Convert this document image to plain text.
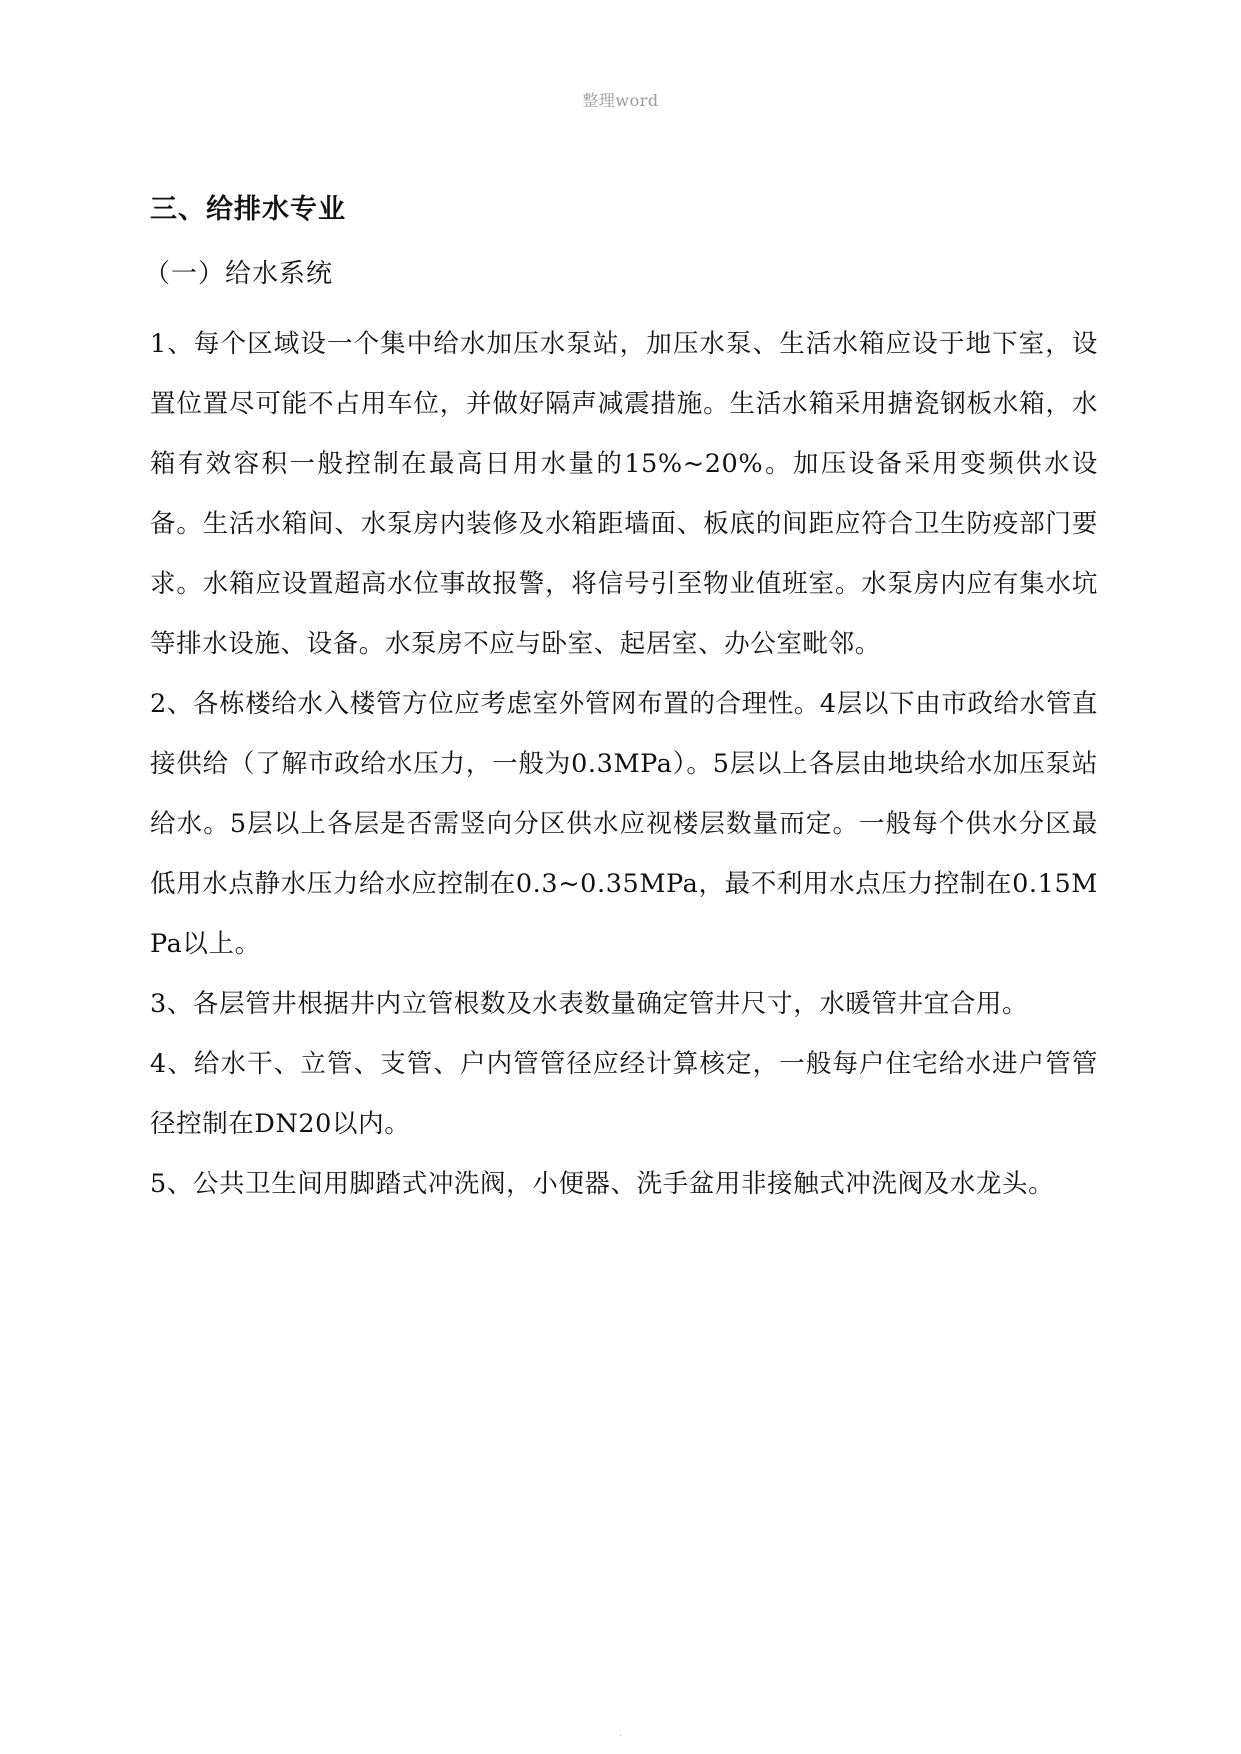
整理word
三、给排水专业
（一）给水系统

1、每个区域设一个集中给水加压水泵站，加压水泵、生活水箱应设于地下室，设置位置尽可能不占用车位，并做好隔声减震措施。生活水箱采用搪瓷钢板水箱，水箱有效容积一般控制在最高日用水量的15%~20%。加压设备采用变频供水设备。生活水箱间、水泵房内装修及水箱距墙面、板底的间距应符合卫生防疫部门要求。水箱应设置超高水位事故报警，将信号引至物业值班室。水泵房内应有集水坑等排水设施、设备。水泵房不应与卧室、起居室、办公室毗邻。

2、各栋楼给水入楼管方位应考虑室外管网布置的合理性。4层以下由市政给水管直接供给（了解市政给水压力，一般为0.3MPa）。5层以上各层由地块给水加压泵站给水。5层以上各层是否需竖向分区供水应视楼层数量而定。一般每个供水分区最低用水点静水压力给水应控制在0.3~0.35MPa，最不利用水点压力控制在0.15MPa以上。

3、各层管井根据井内立管根数及水表数量确定管井尺寸，水暖管井宜合用。

4、给水干、立管、支管、户内管管径应经计算核定，一般每户住宅给水进户管管径控制在DN20以内。

5、公共卫生间用脚踏式冲洗阀，小便器、洗手盆用非接触式冲洗阀及水龙头。

.
